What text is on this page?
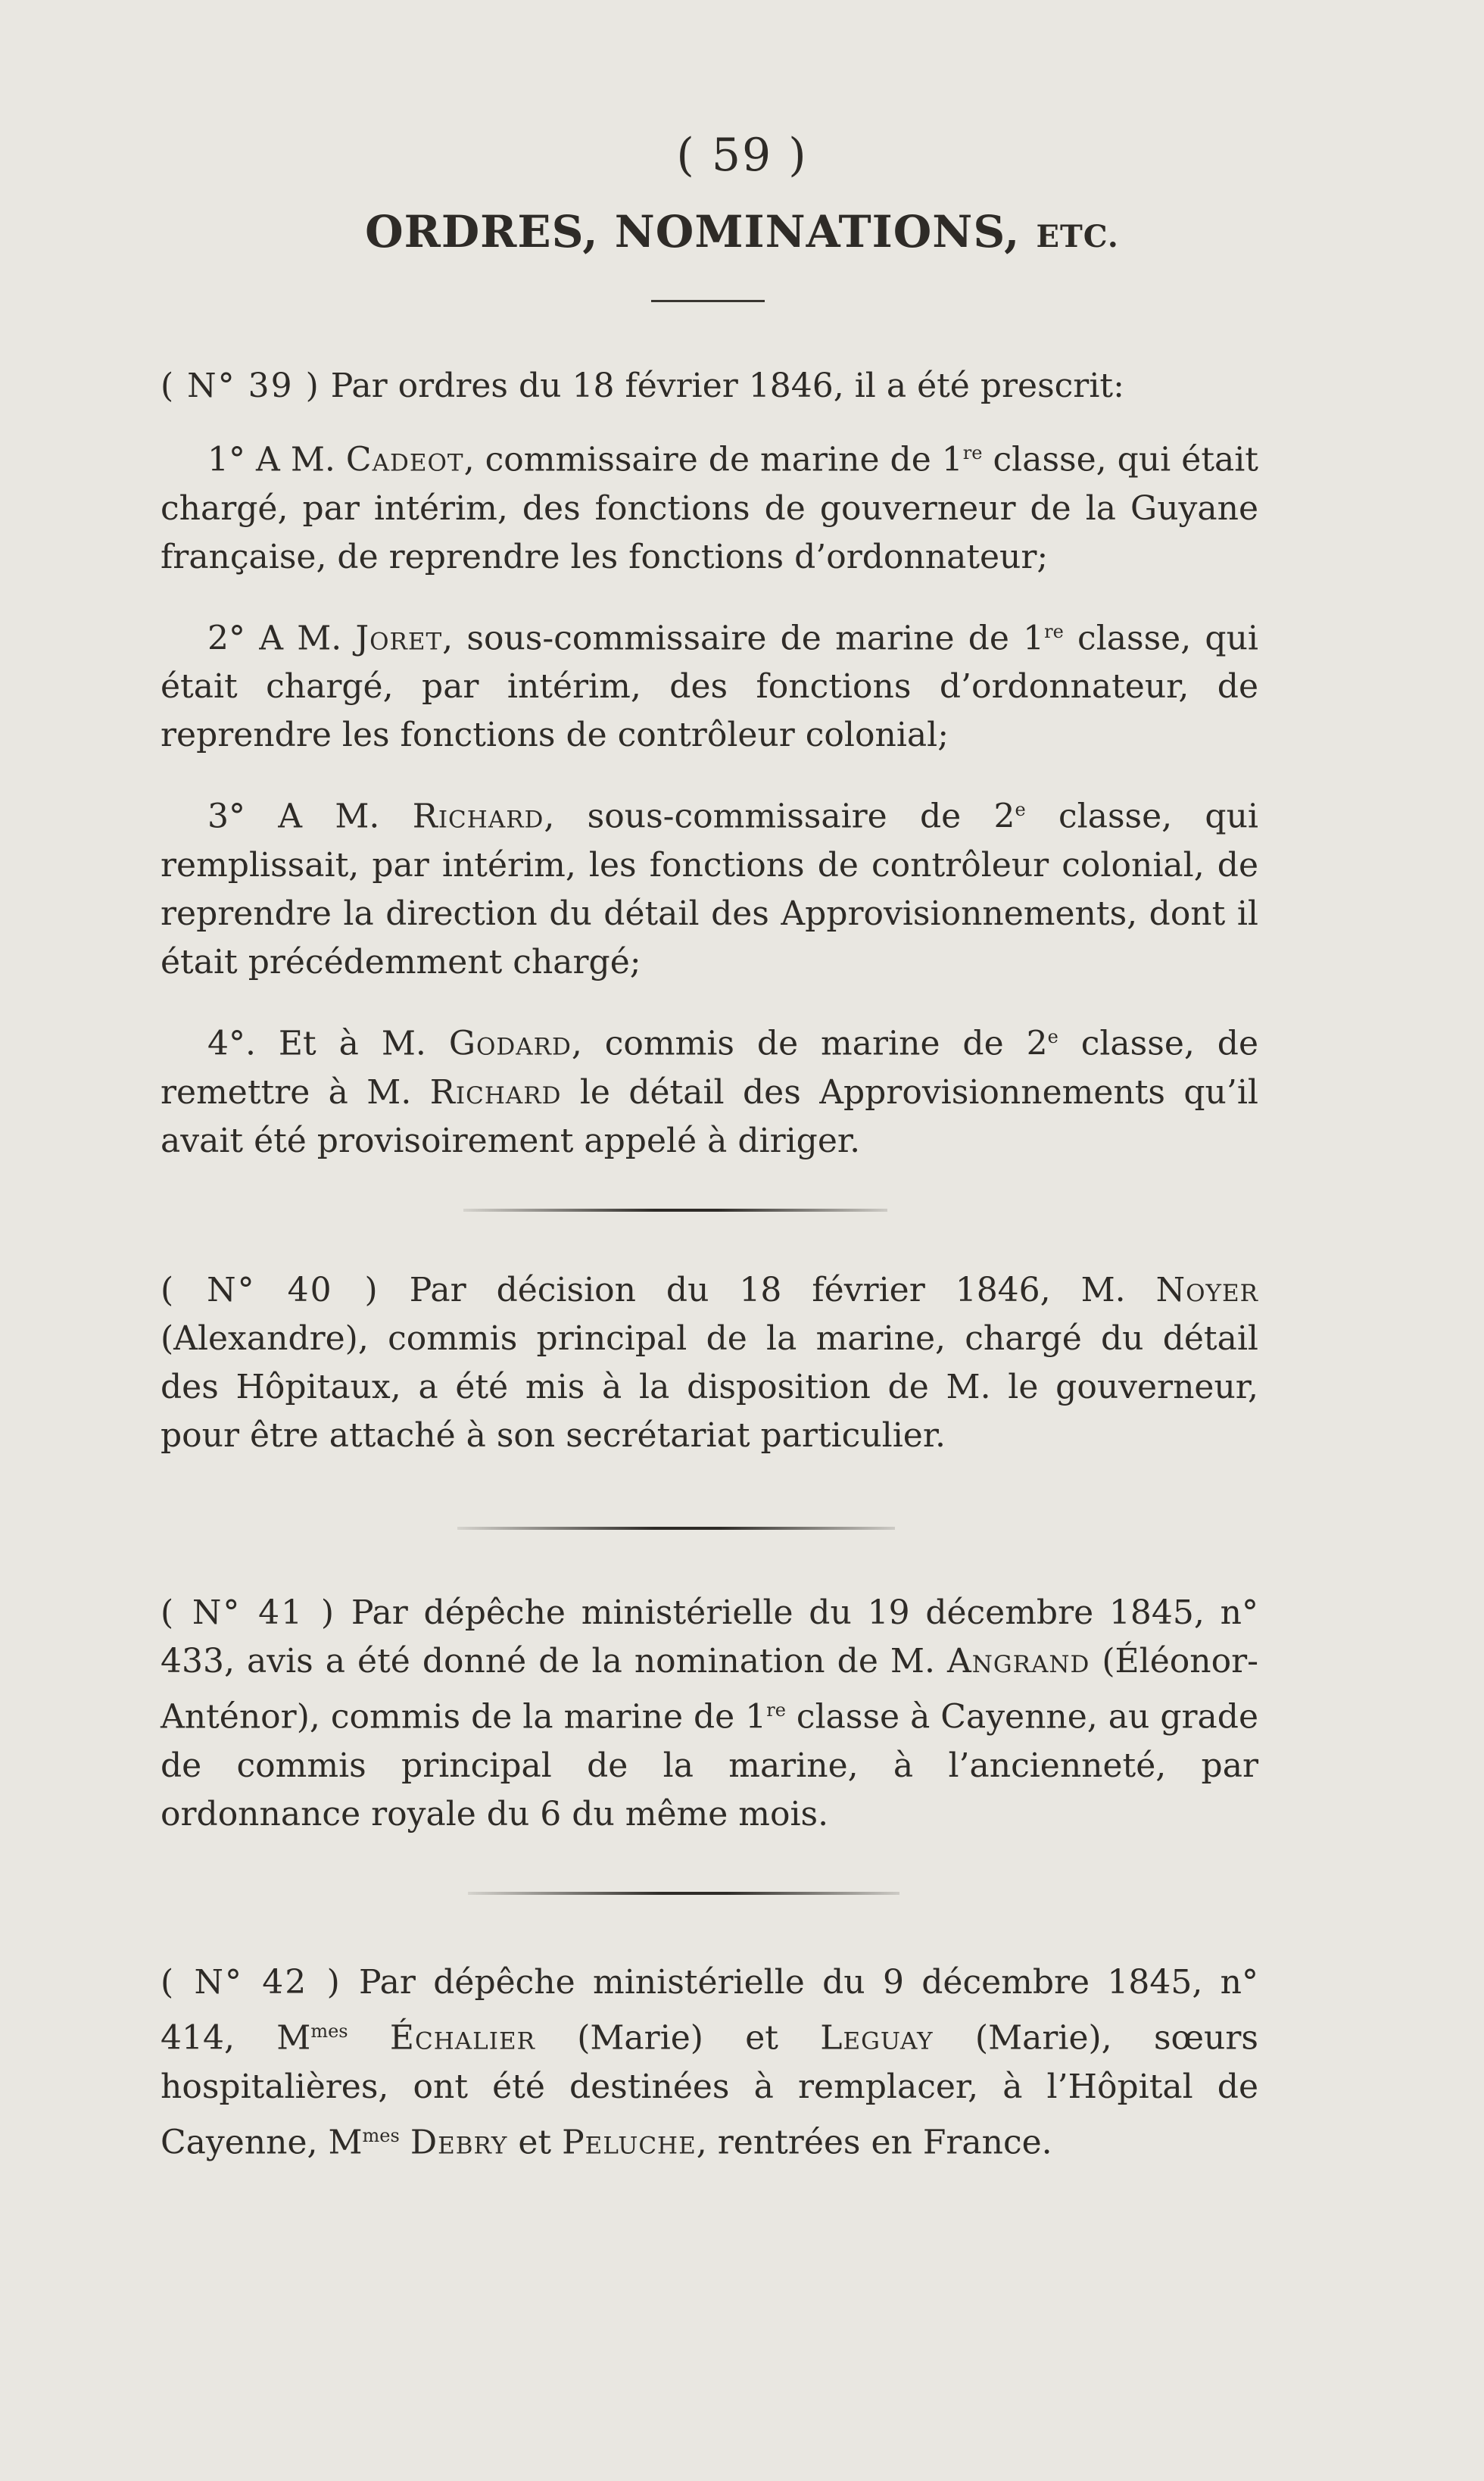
( 59 )
ORDRES, NOMINATIONS, ETC.

( N° 39 ) Par ordres du 18 février 1846, il a été prescrit:

1° A M. Cadeot, commissaire de marine de 1re classe, qui était chargé, par intérim, des fonctions de gouverneur de la Guyane française, de reprendre les fonctions d’ordonnateur;

2° A M. Joret, sous-commissaire de marine de 1re classe, qui était chargé, par intérim, des fonctions d’ordonnateur, de reprendre les fonctions de contrôleur colonial;

3° A M. Richard, sous-commissaire de 2e classe, qui remplissait, par intérim, les fonctions de contrôleur colonial, de reprendre la direction du détail des Approvisionnements, dont il était précédemment chargé;

4°. Et à M. Godard, commis de marine de 2e classe, de remettre à M. Richard le détail des Approvisionnements qu’il avait été provisoirement appelé à diriger.

( N° 40 ) Par décision du 18 février 1846, M. Noyer (Alexandre), commis principal de la marine, chargé du détail des Hôpitaux, a été mis à la disposition de M. le gouverneur, pour être attaché à son secrétariat particulier.

( N° 41 ) Par dépêche ministérielle du 19 décembre 1845, n° 433, avis a été donné de la nomination de M. Angrand (Éléonor-Anténor), commis de la marine de 1re classe à Cayenne, au grade de commis principal de la marine, à l’ancienneté, par ordonnance royale du 6 du même mois.

( N° 42 ) Par dépêche ministérielle du 9 décembre 1845, n° 414, $M^{mes}$ Échalier (Marie) et Leguay (Marie), sœurs hospitalières, ont été destinées à remplacer, à l’Hôpital de Cayenne, $M^{mes}$ Debry et Peluche, rentrées en France.
